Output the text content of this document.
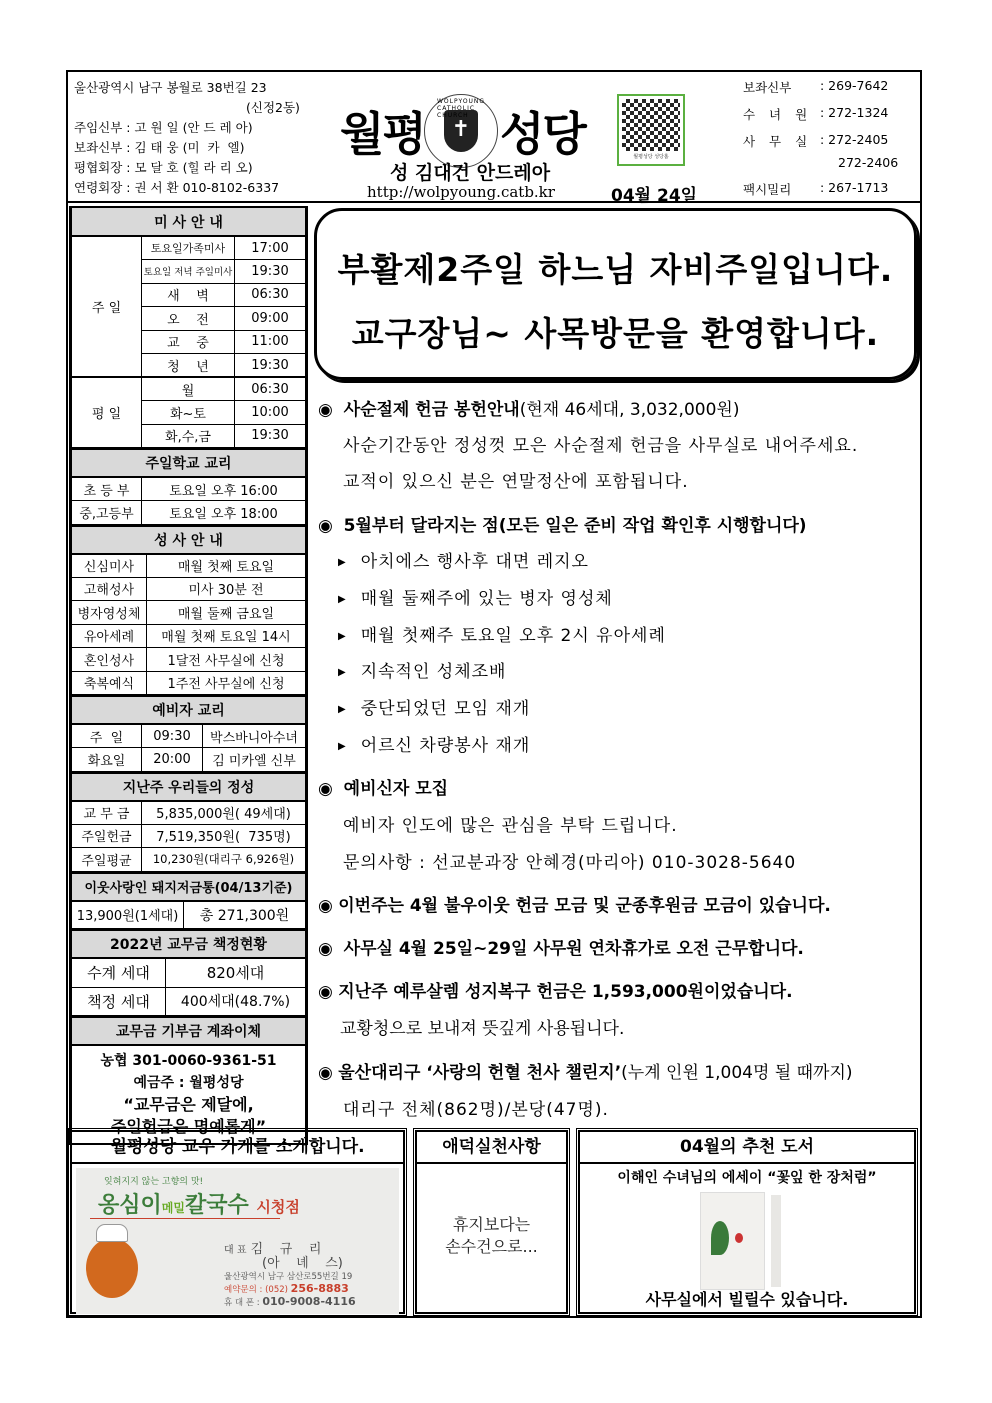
울산광역시 남구 봉월로 38번길 23
(신정2동)
주임신부 : 고 원 일 (안 드 레 아)
보좌신부 : 김 태 웅 (미  카  엘)
평협회장 : 모 달 호 (힐 라 리 오)
연령회장 : 권 서 환 010-8102-6337
월평
WOLPYOUNG CATHOLIC CHURCH
✝ 성당
성 김대건 안드레아
http://wolpyoung.catb.kr
월평성당 성당홈
04월 24일
보좌신부 : 269-7642
수 녀 원 : 272-1324
사 무 실 : 272-2405
272-2406
팩시밀리 : 267-1713
미 사 안 내		
주 일	토요일가족미사	17:00
	토요일 저녁 주일미사	19:30
	새    벽	06:30
	오    전	09:00
	교    중	11:00
	청    년	19:30
평 일	월	06:30
	화~토	10:00
	화,수,금	19:30
주일학교 교리	
초 등 부	토요일 오후 16:00
중,고등부	토요일 오후 18:00
성 사 안 내	
신심미사	매월 첫째 토요일
고해성사	미사 30분 전
병자영성체	매월 둘째 금요일
유아세례	매월 첫째 토요일 14시
혼인성사	1달전 사무실에 신청
축복예식	1주전 사무실에 신청
예비자 교리		
주  일	09:30	박스바니아수녀
화요일	20:00	김 미카엘 신부
지난주 우리들의 정성	
교 무 금	5,835,000원( 49세대)
주일헌금	7,519,350원(  735명)
주일평균	10,230원(대리구 6,926원)
이웃사랑인 돼지저금통(04/13기준)
13,900원(1세대)	총 271,300원
2022년 교무금 책정현황	
수계 세대	820세대
책정 세대	400세대(48.7%)
교무금 기부금 계좌이체

농협 301-0060-9361-51
예금주 : 월평성당
“교무금은 제달에,
주일헌금은 명예롭게”
부활제2주일 하느님 자비주일입니다.
교구장님~ 사목방문을 환영합니다.
◉ 사순절제 헌금 봉헌안내(현재 46세대, 3,032,000원)
사순기간동안 정성껏 모은 사순절제 헌금을 사무실로 내어주세요.
교적이 있으신 분은 연말정산에 포함됩니다.
◉ 5월부터 달라지는 점(모든 일은 준비 작업 확인후 시행합니다)
▶ 아치에스 행사후 대면 레지오
▶ 매월 둘째주에 있는 병자 영성체
▶ 매월 첫째주 토요일 오후 2시 유아세례
▶ 지속적인 성체조배
▶ 중단되었던 모임 재개
▶ 어르신 차량봉사 재개
◉ 예비신자 모집
예비자 인도에 많은 관심을 부탁 드립니다.
문의사항 : 선교분과장 안혜경(마리아) 010-3028-5640
◉ 이번주는 4월 불우이웃 헌금 모금 및 군종후원금 모금이 있습니다.
◉ 사무실 4월 25일~29일 사무원 연차휴가로 오전 근무합니다.
◉ 지난주 예루살렘 성지복구 헌금은 1,593,000원이었습니다.
교황청으로 보내져 뜻깊게 사용됩니다.
◉ 울산대리구 ‘사랑의 헌혈 천사 챌린지’(누계 인원 1,004명 될 때까지)
대리구 전체(862명)/본당(47명).
월평성당 교우 가게를 소개합니다.
잊혀지지 않는 고향의 맛!
옹심이메밀칼국수 시청점
대 표 김    규    리
(아    녜    스)
울산광역시 남구 삼산로55번길 19
예약문의 : (052) 256-8883
휴 대 폰 : 010-9008-4116
애덕실천사항
휴지보다는
손수건으로...
04월의 추천 도서
이해인 수녀님의 에세이 “꽃잎 한 장처럼”
사무실에서 빌릴수 있습니다.
